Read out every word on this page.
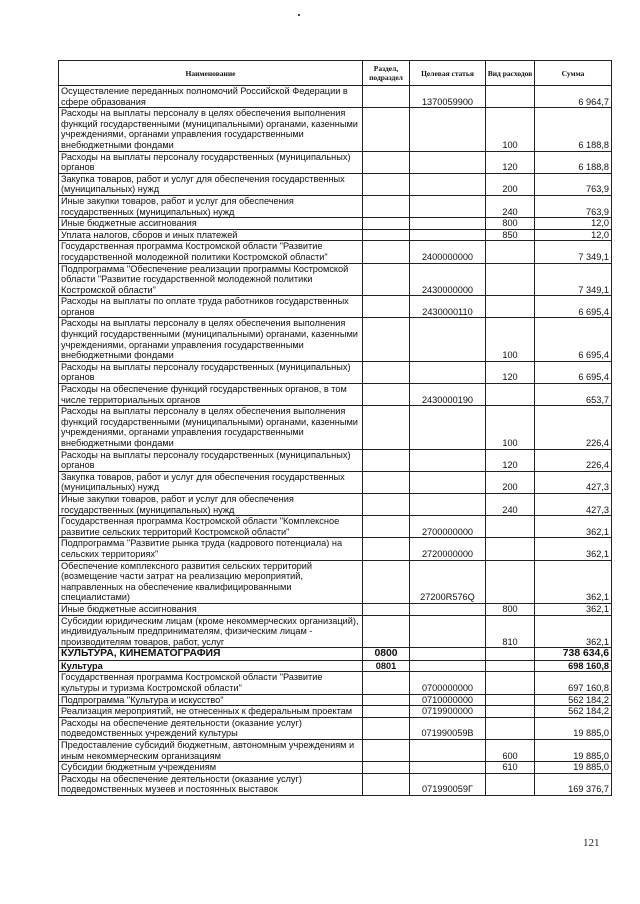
Наименование	Раздел, подраздел	Целевая статья	Вид расходов	Сумма
Осуществление переданных полномочий Российской Федерации в сфере образования		1370059900		6 964,7
Расходы на выплаты персоналу в целях обеспечения выполнения функций государственными (муниципальными) органами, казенными учреждениями, органами управления государственными внебюджетными фондами			100	6 188,8
Расходы на выплаты персоналу государственных (муниципальных) органов			120	6 188,8
Закупка товаров, работ и услуг для обеспечения государственных (муниципальных) нужд			200	763,9
Иные закупки товаров, работ и услуг для обеспечения государственных (муниципальных) нужд			240	763,9
Иные бюджетные ассигнования			800	12,0
Уплата налогов, сборов и иных платежей			850	12,0
Государственная программа Костромской области "Развитие государственной молодежной политики Костромской области"		2400000000		7 349,1
Подпрограмма "Обеспечение реализации программы Костромской области "Развитие государственной молодежной политики Костромской области"		2430000000		7 349,1
Расходы на выплаты по оплате труда работников государственных органов		2430000110		6 695,4
Расходы на выплаты персоналу в целях обеспечения выполнения функций государственными (муниципальными) органами, казенными учреждениями, органами управления государственными внебюджетными фондами			100	6 695,4
Расходы на выплаты персоналу государственных (муниципальных) органов			120	6 695,4
Расходы на обеспечение функций государственных органов, в том числе территориальных органов		2430000190		653,7
Расходы на выплаты персоналу в целях обеспечения выполнения функций государственными (муниципальными) органами, казенными учреждениями, органами управления государственными внебюджетными фондами			100	226,4
Расходы на выплаты персоналу государственных (муниципальных) органов			120	226,4
Закупка товаров, работ и услуг для обеспечения государственных (муниципальных) нужд			200	427,3
Иные закупки товаров, работ и услуг для обеспечения государственных (муниципальных) нужд			240	427,3
Государственная программа Костромской области "Комплексное развитие сельских территорий Костромской области"		2700000000		362,1
Подпрограмма "Развитие рынка труда (кадрового потенциала) на сельских территориях"		2720000000		362,1
Обеспечение комплексного развития сельских территорий (возмещение части затрат на реализацию мероприятий, направленных на обеспечение квалифицированными специалистами)		27200R576Q		362,1
Иные бюджетные ассигнования			800	362,1
Субсидии юридическим лицам (кроме некоммерческих организаций), индивидуальным предпринимателям, физическим лицам - производителям товаров, работ, услуг			810	362,1
КУЛЬТУРА, КИНЕМАТОГРАФИЯ	0800			738 634,6
Культура	0801			698 160,8
Государственная программа Костромской области "Развитие культуры и туризма Костромской области"		0700000000		697 160,8
Подпрограмма "Культура и искусство"		0710000000		562 184,2
Реализация мероприятий, не отнесенных к федеральным проектам		0719900000		562 184,2
Расходы на обеспечение деятельности (оказание услуг) подведомственных учреждений культуры		071990059В		19 885,0
Предоставление субсидий бюджетным, автономным учреждениям и иным некоммерческим организациям			600	19 885,0
Субсидии бюджетным учреждениям			610	19 885,0
Расходы на обеспечение деятельности (оказание услуг) подведомственных музеев и постоянных выставок		071990059Г		169 376,7
121
